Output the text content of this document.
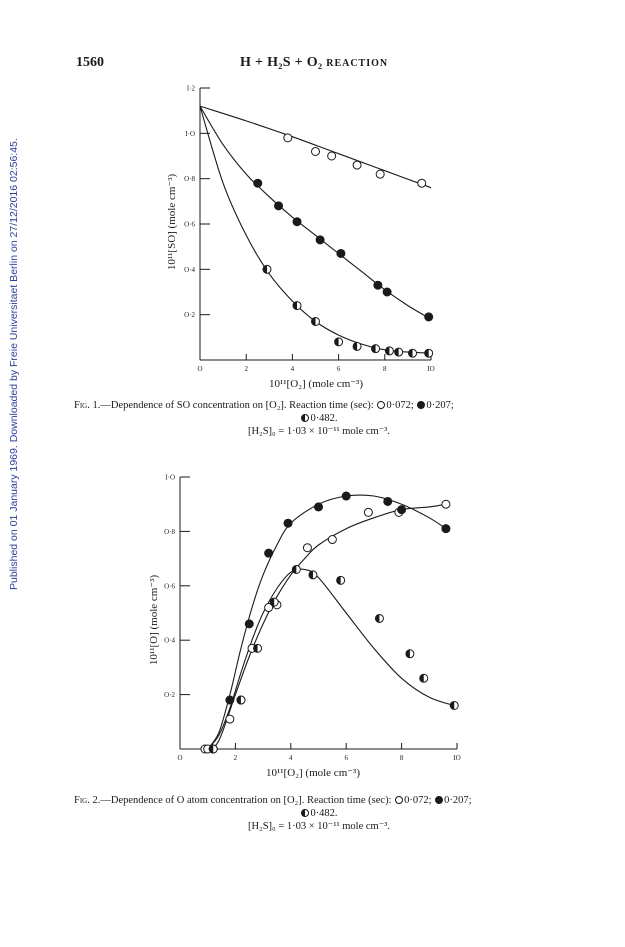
1560	H + H₂S + O₂ reaction
Published on 01 January 1969. Downloaded by Freie Universitaet Berlin on 27/12/2016 02:56:45.	O	2	4	6	8	IO
O·2
O·4
O·6
O·8
I·O
I·2
10¹¹[SO] (mole cm⁻³)
10¹¹[O₂] (mole cm⁻³)
Fig. 1.—Dependence of SO concentration on [O₂]. Reaction time (sec): 0·072; 0·207;
0·482.
[H₂S]₀ = 1·03 × 10⁻¹¹ mole cm⁻³.
O	2	4	6	8	IO
O·2
O·4
O·6
O·8
I·O
10¹¹[O] (mole cm⁻³)
10¹¹[O₂] (mole cm⁻³)
Fig. 2.—Dependence of O atom concentration on [O₂]. Reaction time (sec): 0·072; 0·207;
0·482.
[H₂S]₀ = 1·03 × 10⁻¹¹ mole cm⁻³.
